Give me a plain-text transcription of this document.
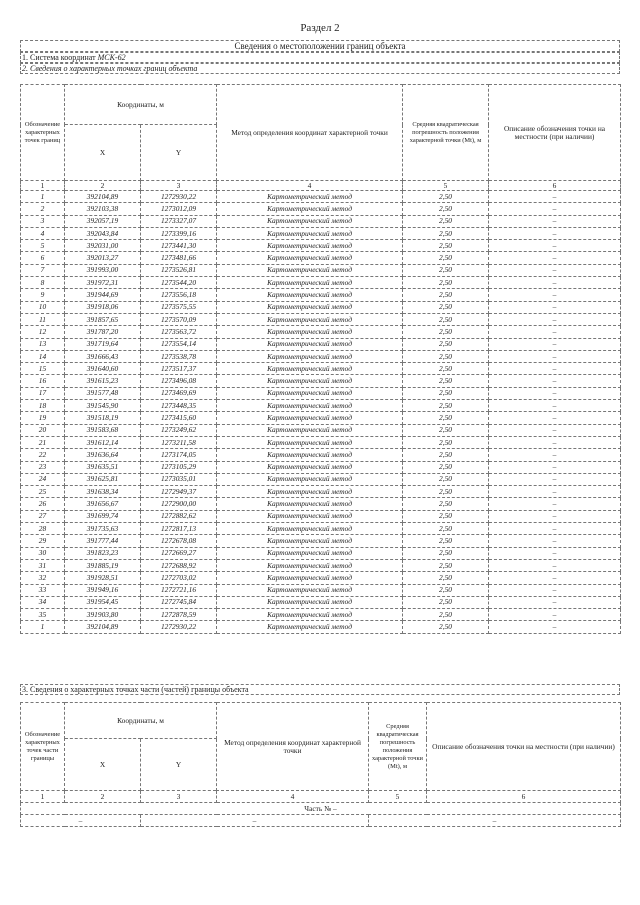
Раздел 2
Сведения о местоположении границ объекта
1. Система координат МСК-62
2. Сведения о характерных точках границ объекта
Обозначение характерных точек границ	Координаты, м		Метод определения координат характерной точки	Средняя квадратическая погрешность положения характерной точки (Mt), м	Описание обозначения точки на местности (при наличии)
	X	Y			
1	2	3	4	5	6
1	392104,89	1272930,22	Картометрический метод	2,50	–
2	392103,38	1273012,09	Картометрический метод	2,50	–
3	392057,19	1273327,07	Картометрический метод	2,50	–
4	392043,84	1273399,16	Картометрический метод	2,50	–
5	392031,00	1273441,30	Картометрический метод	2,50	–
6	392013,27	1273481,66	Картометрический метод	2,50	–
7	391993,00	1273526,81	Картометрический метод	2,50	–
8	391972,31	1273544,20	Картометрический метод	2,50	–
9	391944,69	1273556,18	Картометрический метод	2,50	–
10	391918,06	1273575,55	Картометрический метод	2,50	–
11	391857,65	1273570,09	Картометрический метод	2,50	–
12	391787,20	1273563,72	Картометрический метод	2,50	–
13	391719,64	1273554,14	Картометрический метод	2,50	–
14	391666,43	1273538,78	Картометрический метод	2,50	–
15	391640,60	1273517,37	Картометрический метод	2,50	–
16	391615,23	1273496,08	Картометрический метод	2,50	–
17	391577,48	1273469,69	Картометрический метод	2,50	–
18	391545,90	1273448,35	Картометрический метод	2,50	–
19	391518,19	1273415,60	Картометрический метод	2,50	–
20	391583,68	1273249,62	Картометрический метод	2,50	–
21	391612,14	1273211,58	Картометрический метод	2,50	–
22	391636,64	1273174,05	Картометрический метод	2,50	–
23	391635,51	1273105,29	Картометрический метод	2,50	–
24	391625,81	1273035,01	Картометрический метод	2,50	–
25	391638,34	1272949,37	Картометрический метод	2,50	–
26	391656,67	1272900,00	Картометрический метод	2,50	–
27	391699,74	1272882,62	Картометрический метод	2,50	–
28	391735,63	1272817,13	Картометрический метод	2,50	–
29	391777,44	1272678,08	Картометрический метод	2,50	–
30	391823,23	1272669,27	Картометрический метод	2,50	–
31	391885,19	1272688,92	Картометрический метод	2,50	–
32	391928,51	1272703,02	Картометрический метод	2,50	–
33	391949,16	1272721,16	Картометрический метод	2,50	–
34	391954,45	1272745,84	Картометрический метод	2,50	–
35	391903,80	1272878,59	Картометрический метод	2,50	–
1	392104,89	1272930,22	Картометрический метод	2,50	–
3. Сведения о характерных точках части (частей) границы объекта
Обозначение характерных точек части границы	Координаты, м		Метод определения координат характерной точки	Средняя квадратическая погрешность положения характерной точки (Mt), м	Описание обозначения точки на местности (при наличии)
	X	Y			
1	2	3	4	5	6
Часть № –					
–		–		–	
